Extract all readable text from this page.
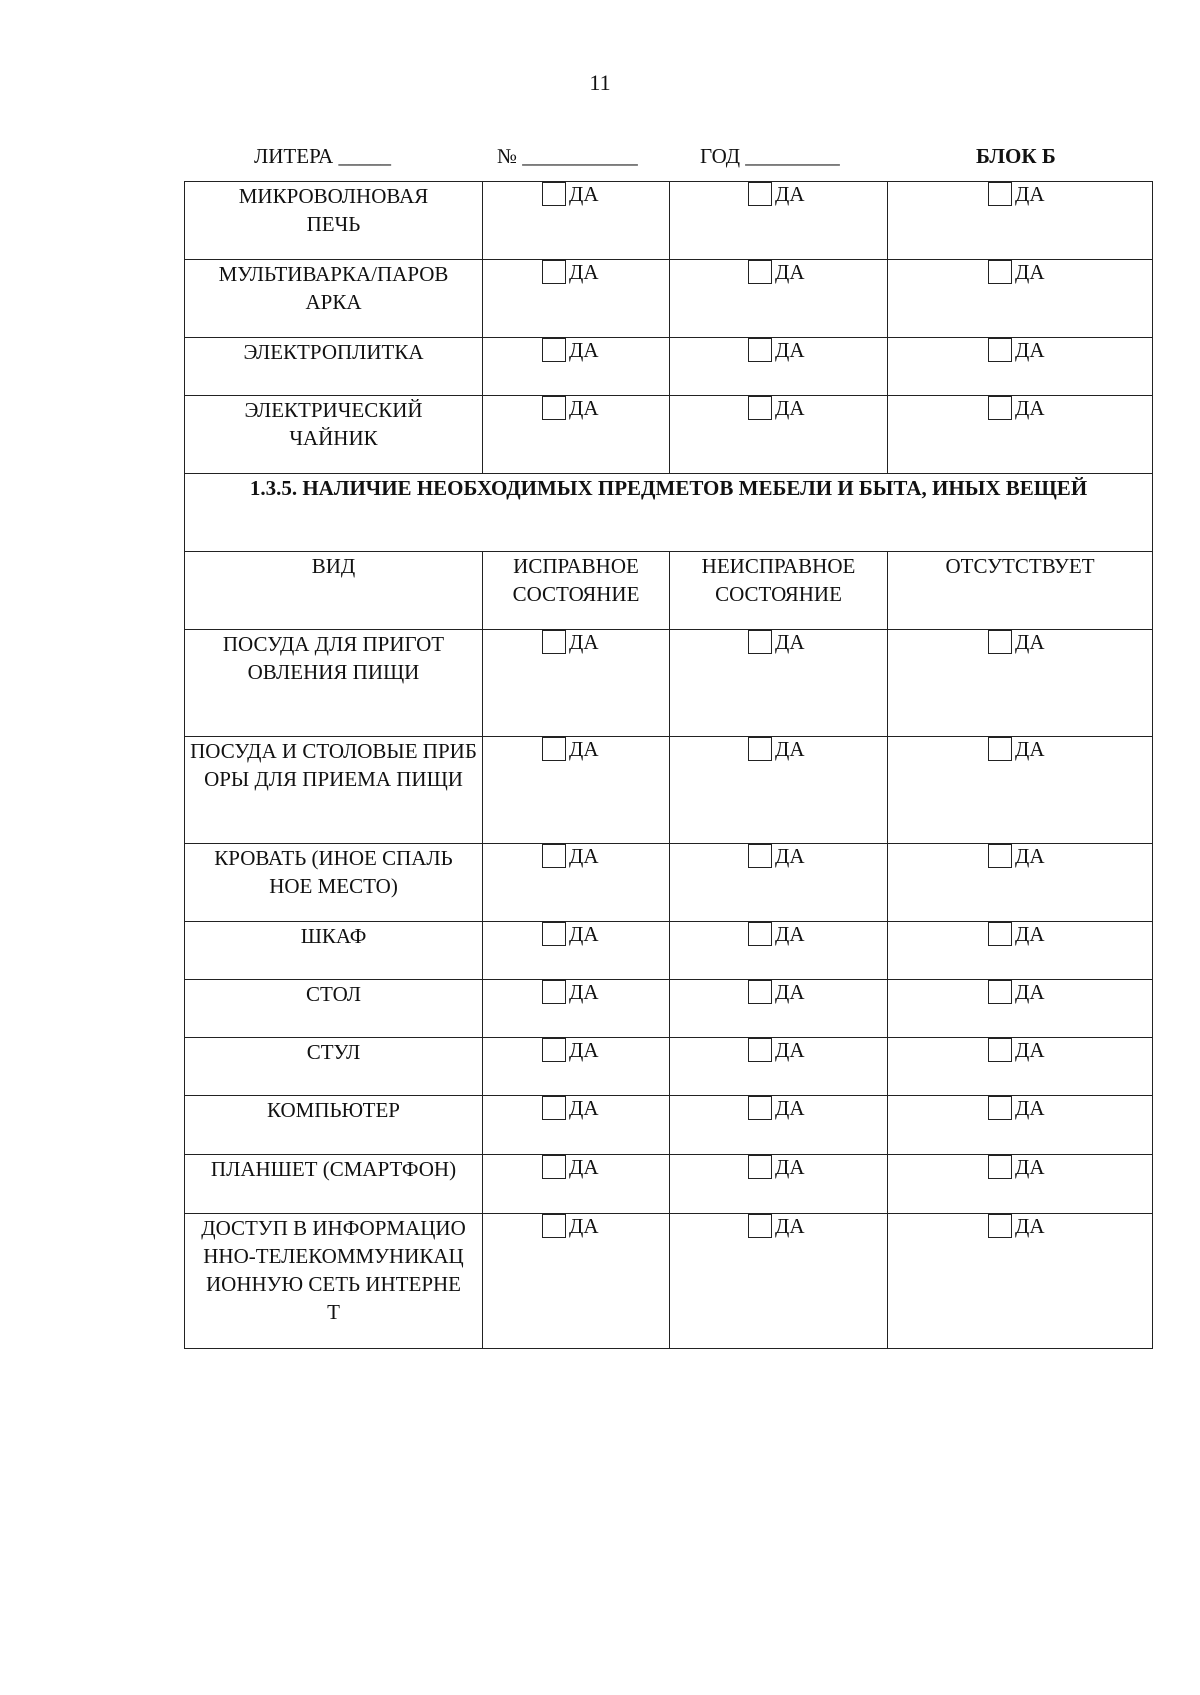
11
ЛИТЕРА _____	№ ___________	ГОД _________	БЛОК Б
МИКРОВОЛНОВАЯ ПЕЧЬ	ДА	ДА	ДА

МУЛЬТИВАРКА/ПАРОВ АРКА	ДА	ДА	ДА

ЭЛЕКТРОПЛИТКА	ДА	ДА	ДА

ЭЛЕКТРИЧЕСКИЙ ЧАЙНИК	ДА	ДА	ДА

1.3.5. НАЛИЧИЕ НЕОБХОДИМЫХ ПРЕДМЕТОВ МЕБЕЛИ И БЫТА, ИНЫХ ВЕЩЕЙ			
ВИД	ИСПРАВНОЕ СОСТОЯНИЕ	НЕИСПРАВНОЕ СОСТОЯНИЕ	ОТСУТСТВУЕТ
ПОСУДА ДЛЯ ПРИГОТОВЛЕНИЯ ПИЩИ	ДА	ДА	ДА

ПОСУДА И СТОЛОВЫЕ ПРИБОРЫ ДЛЯ ПРИЕМА ПИЩИ	ДА	ДА	ДА

КРОВАТЬ (ИНОЕ СПАЛЬНОЕ МЕСТО)	ДА	ДА	ДА

ШКАФ	ДА	ДА	ДА

СТОЛ	ДА	ДА	ДА

СТУЛ	ДА	ДА	ДА

КОМПЬЮТЕР	ДА	ДА	ДА

ПЛАНШЕТ (СМАРТФОН)	ДА	ДА	ДА

ДОСТУП В ИНФОРМАЦИОННО-ТЕЛЕКОММУНИКАЦИОННУЮ СЕТЬ ИНТЕРНЕТ	ДА	ДА	ДА
